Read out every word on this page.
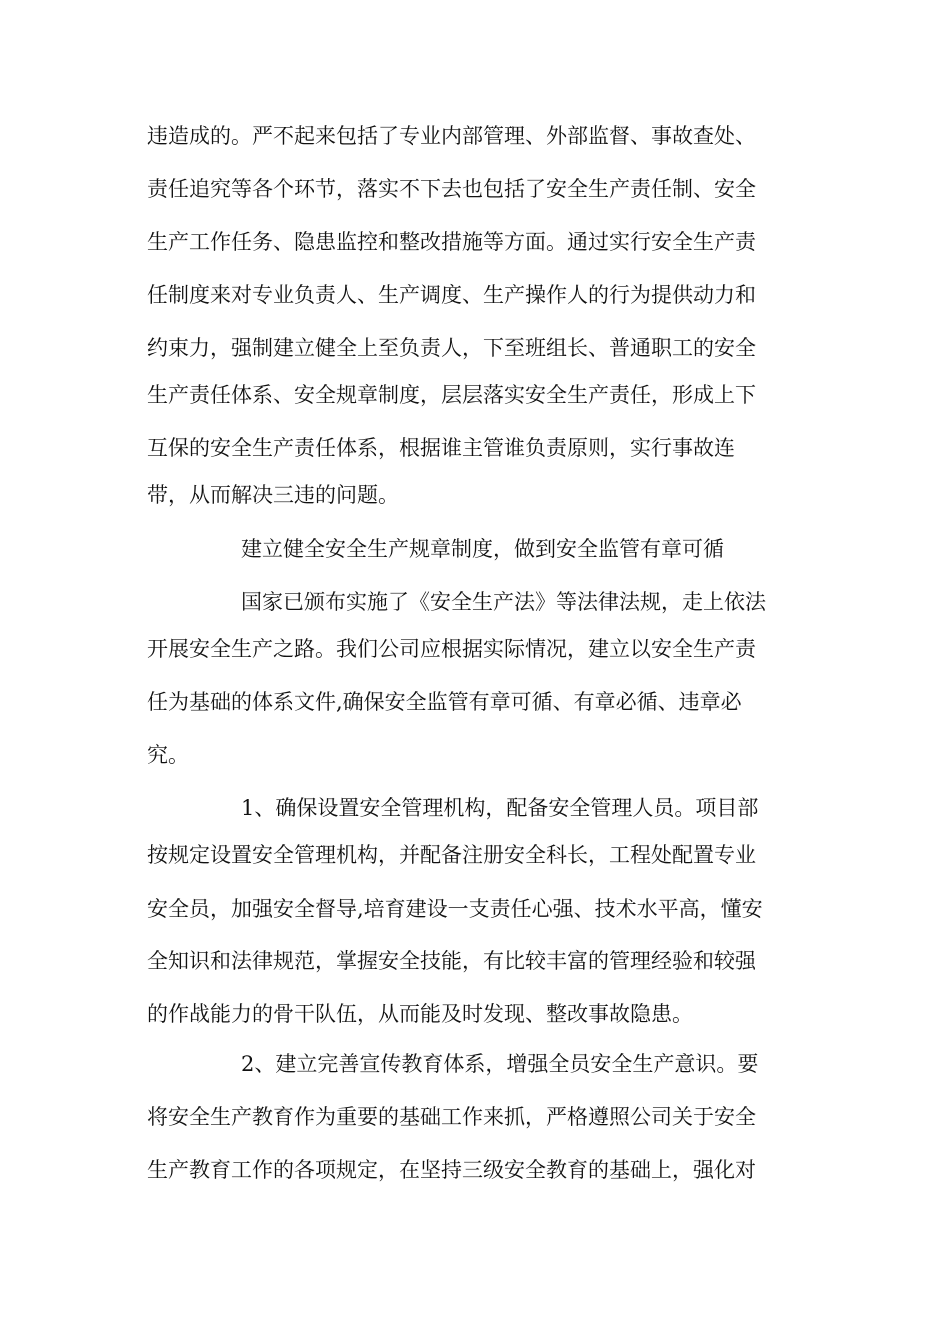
违造成的。严不起来包括了专业内部管理、外部监督、事故查处、
责任追究等各个环节，落实不下去也包括了安全生产责任制、安全
生产工作任务、隐患监控和整改措施等方面。通过实行安全生产责
任制度来对专业负责人、生产调度、生产操作人的行为提供动力和
约束力，强制建立健全上至负责人，下至班组长、普通职工的安全
生产责任体系、安全规章制度，层层落实安全生产责任，形成上下
互保的安全生产责任体系，根据谁主管谁负责原则，实行事故连
带，从而解决三违的问题。
建立健全安全生产规章制度，做到安全监管有章可循
国家已颁布实施了《安全生产法》等法律法规，走上依法
开展安全生产之路。我们公司应根据实际情况，建立以安全生产责
任为基础的体系文件,确保安全监管有章可循、有章必循、违章必
究。
1、确保设置安全管理机构，配备安全管理人员。项目部
按规定设置安全管理机构，并配备注册安全科长，工程处配置专业
安全员，加强安全督导,培育建设一支责任心强、技术水平高，懂安
全知识和法律规范，掌握安全技能，有比较丰富的管理经验和较强
的作战能力的骨干队伍，从而能及时发现、整改事故隐患。
2、建立完善宣传教育体系，增强全员安全生产意识。要
将安全生产教育作为重要的基础工作来抓，严格遵照公司关于安全
生产教育工作的各项规定，在坚持三级安全教育的基础上，强化对
